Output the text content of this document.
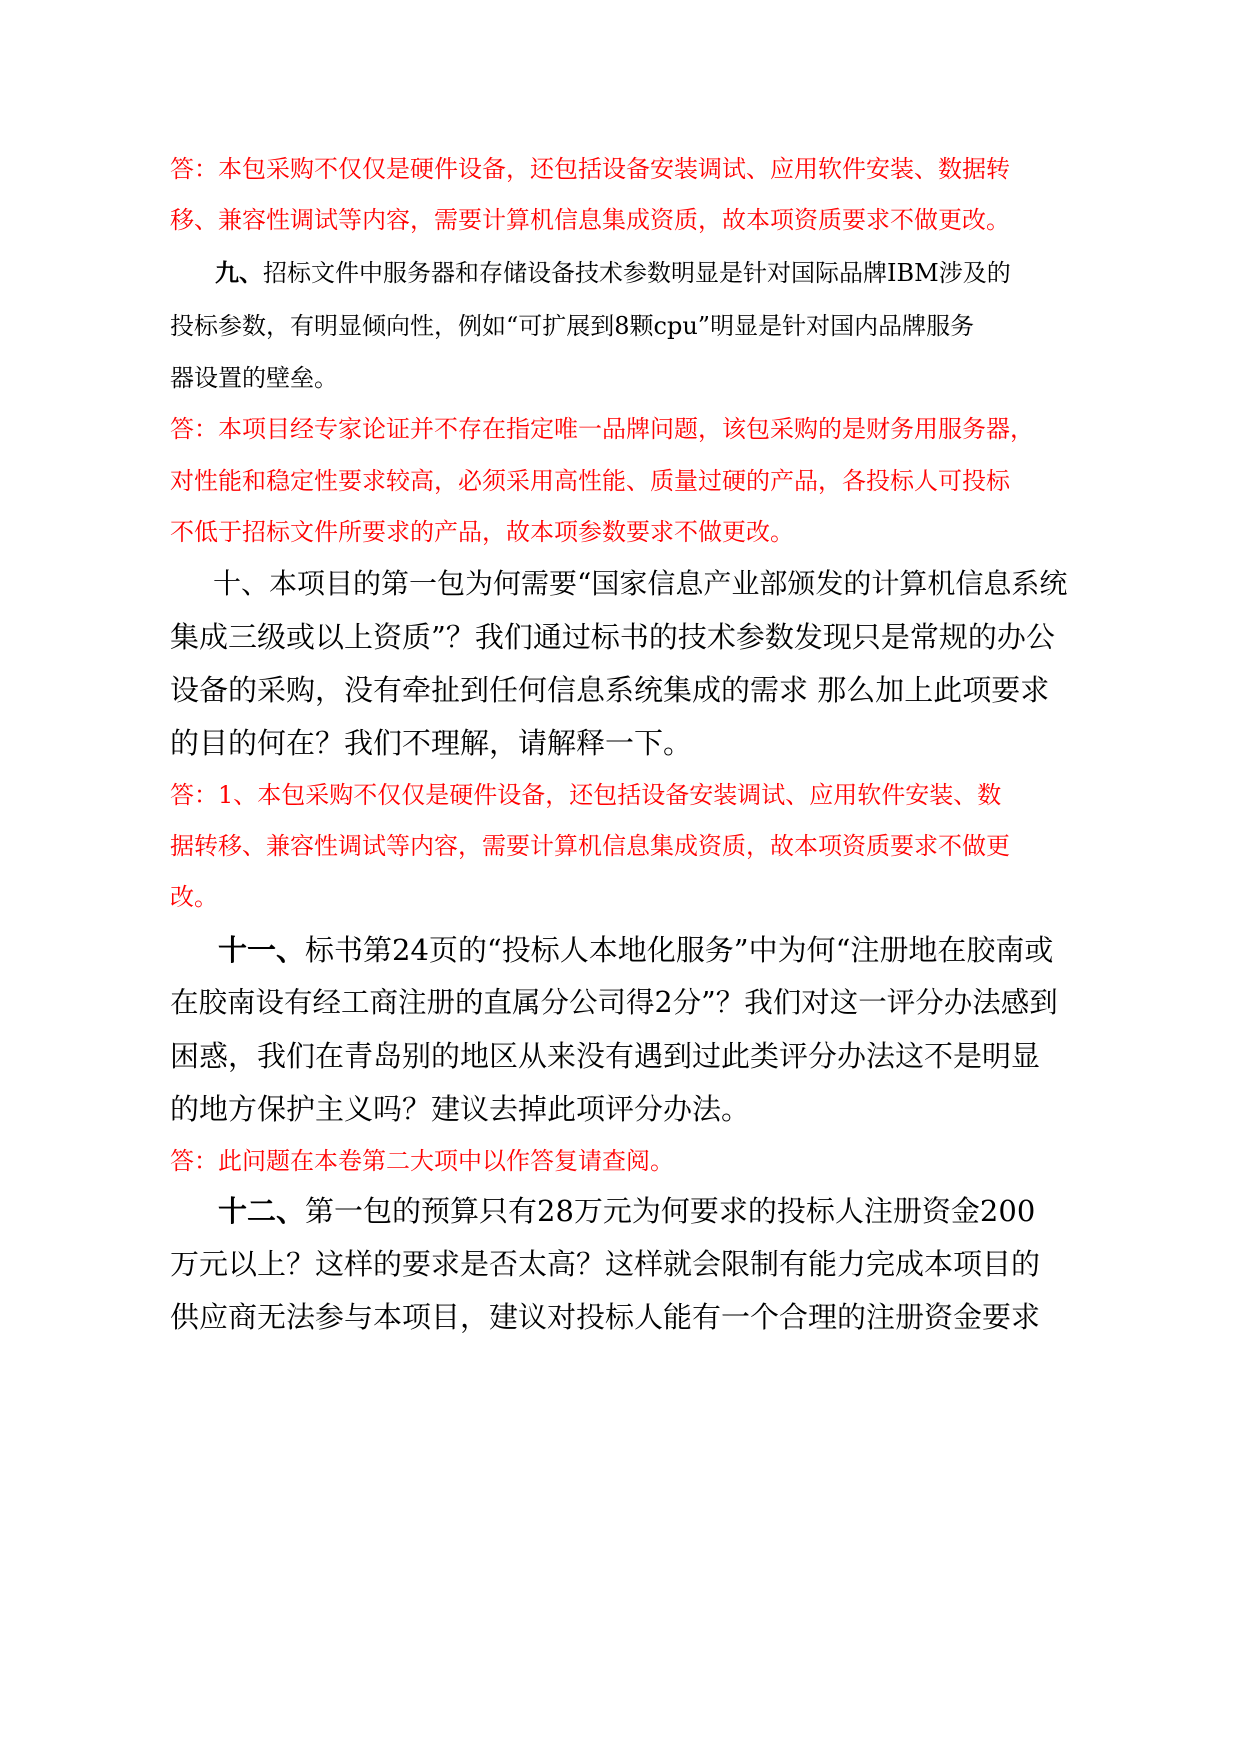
答：本包采购不仅仅是硬件设备，还包括设备安装调试、应用软件安装、数据转

移、兼容性调试等内容，需要计算机信息集成资质，故本项资质要求不做更改。

九、招标文件中服务器和存储设备技术参数明显是针对国际品牌IBM涉及的

投标参数，有明显倾向性，例如“可扩展到8颗cpu”明显是针对国内品牌服务

器设置的壁垒。

答：本项目经专家论证并不存在指定唯一品牌问题，该包采购的是财务用服务器，

对性能和稳定性要求较高，必须采用高性能、质量过硬的产品，各投标人可投标

不低于招标文件所要求的产品，故本项参数要求不做更改。

十、本项目的第一包为何需要“国家信息产业部颁发的计算机信息系统

集成三级或以上资质”？我们通过标书的技术参数发现只是常规的办公

设备的采购，没有牵扯到任何信息系统集成的需求 那么加上此项要求

的目的何在？我们不理解，请解释一下。

答：1、本包采购不仅仅是硬件设备，还包括设备安装调试、应用软件安装、数

据转移、兼容性调试等内容，需要计算机信息集成资质，故本项资质要求不做更

改。

十一、标书第24页的“投标人本地化服务”中为何“注册地在胶南或

在胶南设有经工商注册的直属分公司得2分”？我们对这一评分办法感到

困惑，我们在青岛别的地区从来没有遇到过此类评分办法这不是明显

的地方保护主义吗？建议去掉此项评分办法。

答：此问题在本卷第二大项中以作答复请查阅。

十二、第一包的预算只有28万元为何要求的投标人注册资金200

万元以上？这样的要求是否太高？这样就会限制有能力完成本项目的

供应商无法参与本项目，建议对投标人能有一个合理的注册资金要求
